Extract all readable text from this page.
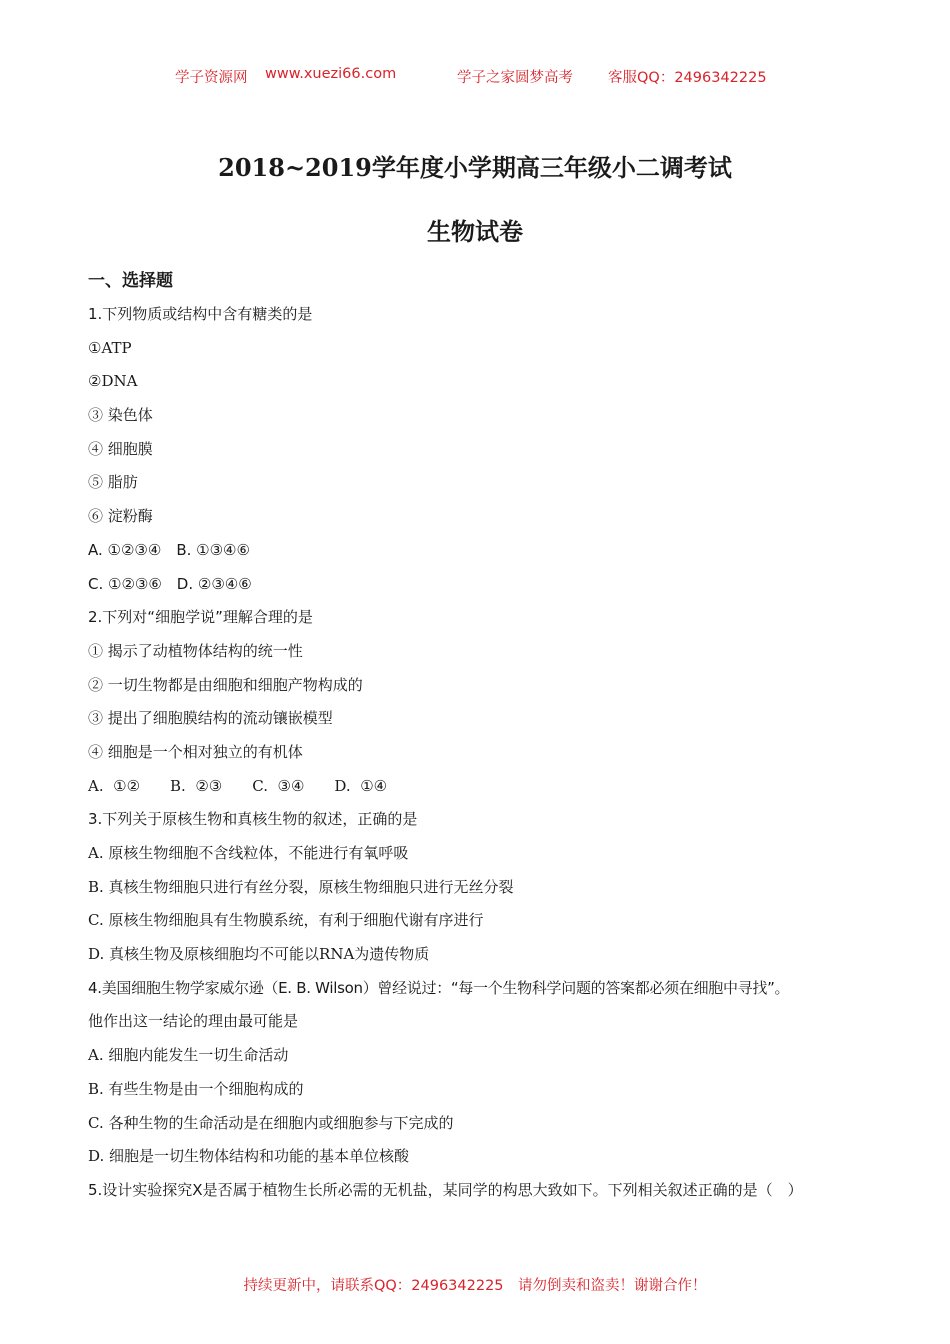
学子资源网 www.xuezi66.com	学子之家圆梦高考 客服QQ：2496342225
2018~2019学年度小学期高三年级小二调考试
生物试卷
一、选择题
1.下列物质或结构中含有糖类的是
①ATP
②DNA
③ 染色体
④ 细胞膜
⑤ 脂肪
⑥ 淀粉酶
A. ①②③④　B. ①③④⑥
C. ①②③⑥　D. ②③④⑥
2.下列对“细胞学说”理解合理的是
① 揭示了动植物体结构的统一性
② 一切生物都是由细胞和细胞产物构成的
③ 提出了细胞膜结构的流动镶嵌模型
④ 细胞是一个相对独立的有机体
A.  ①②　　B.  ②③　　C.  ③④　　D.  ①④
3.下列关于原核生物和真核生物的叙述，正确的是
A. 原核生物细胞不含线粒体，不能进行有氧呼吸
B. 真核生物细胞只进行有丝分裂，原核生物细胞只进行无丝分裂
C. 原核生物细胞具有生物膜系统，有利于细胞代谢有序进行
D. 真核生物及原核细胞均不可能以RNA为遗传物质
4.美国细胞生物学家威尔逊（E. B. Wilson）曾经说过：“每一个生物科学问题的答案都必须在细胞中寻找”。
他作出这一结论的理由最可能是
A. 细胞内能发生一切生命活动
B. 有些生物是由一个细胞构成的
C. 各种生物的生命活动是在细胞内或细胞参与下完成的
D. 细胞是一切生物体结构和功能的基本单位核酸
5.设计实验探究X是否属于植物生长所必需的无机盐，某同学的构思大致如下。下列相关叙述正确的是（　）
持续更新中，请联系QQ：2496342225　请勿倒卖和盗卖！谢谢合作！
